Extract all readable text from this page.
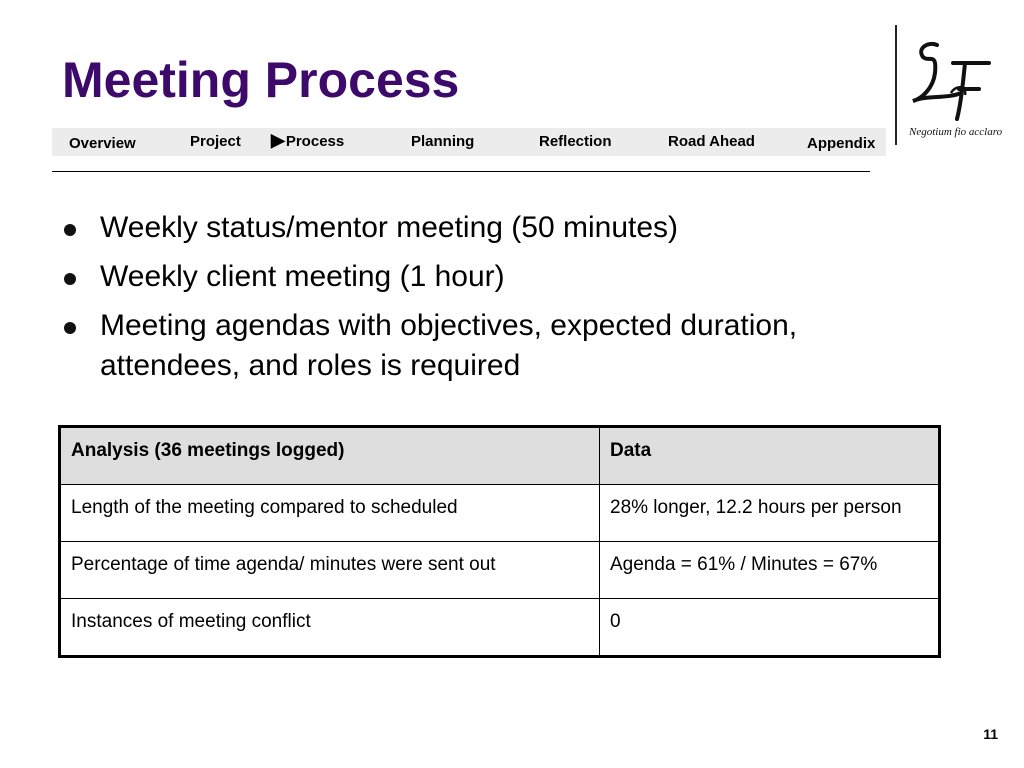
Meeting Process
Overview	Project ▶Process	Planning	Reflection	Road Ahead	Appendix
Negotium fio acclaro
Weekly status/mentor meeting (50 minutes)
Weekly client meeting (1 hour)
Meeting agendas with objectives, expected duration, attendees, and roles is required
Analysis (36 meetings logged)	Data
Length of the meeting compared to scheduled	28% longer, 12.2 hours per person
Percentage of time agenda/ minutes were sent out	Agenda = 61% / Minutes = 67%
Instances of meeting conflict	0
11
